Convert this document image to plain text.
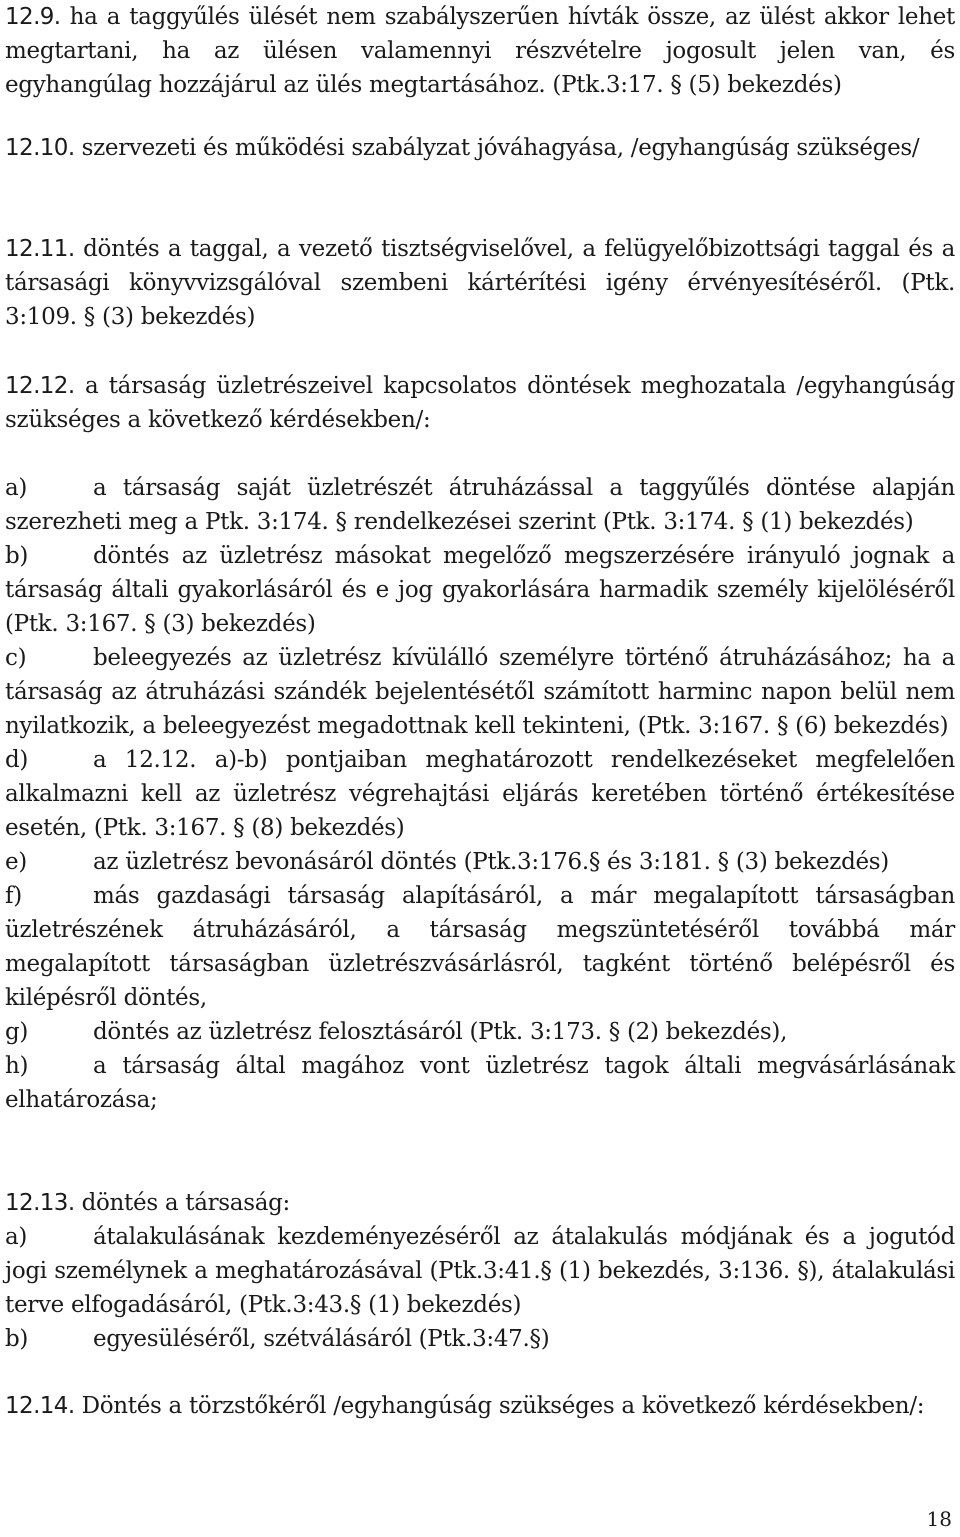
12.9. ha a taggyűlés ülését nem szabályszerűen hívták össze, az ülést akkor lehet megtartani, ha az ülésen valamennyi részvételre jogosult jelen van, és egyhangúlag hozzájárul az ülés megtartásához. (Ptk.3:17. § (5) bekezdés)

12.10. szervezeti és működési szabályzat jóváhagyása, /egyhangúság szükséges/

12.11. döntés a taggal, a vezető tisztségviselővel, a felügyelőbizottsági taggal és a társasági könyvvizsgálóval szembeni kártérítési igény érvényesítéséről. (Ptk. 3:109. § (3) bekezdés)

12.12. a társaság üzletrészeivel kapcsolatos döntések meghozatala /egyhangúság szükséges a következő kérdésekben/:

a)	a társaság saját üzletrészét átruházással a taggyűlés döntése alapján szerezheti meg a Ptk. 3:174. § rendelkezései szerint (Ptk. 3:174. § (1) bekezdés)
b)	döntés az üzletrész másokat megelőző megszerzésére irányuló jognak a társaság általi gyakorlásáról és e jog gyakorlására harmadik személy kijelöléséről (Ptk. 3:167. § (3) bekezdés)
c)	beleegyezés az üzletrész kívülálló személyre történő átruházásához; ha a társaság az átruházási szándék bejelentésétől számított harminc napon belül nem nyilatkozik, a beleegyezést megadottnak kell tekinteni, (Ptk. 3:167. § (6) bekezdés)
d)	a 12.12. a)-b) pontjaiban meghatározott rendelkezéseket megfelelően alkalmazni kell az üzletrész végrehajtási eljárás keretében történő értékesítése esetén, (Ptk. 3:167. § (8) bekezdés)
e)	az üzletrész bevonásáról döntés (Ptk.3:176.§ és 3:181. § (3) bekezdés)
f)	más gazdasági társaság alapításáról, a már megalapított társaságban üzletrészének átruházásáról, a társaság megszüntetéséről továbbá már megalapított társaságban üzletrészvásárlásról, tagként történő belépésről és kilépésről döntés,
g)	döntés az üzletrész felosztásáról (Ptk. 3:173. § (2) bekezdés),
h)	a társaság által magához vont üzletrész tagok általi megvásárlásának elhatározása;

12.13. döntés a társaság:

a)	átalakulásának kezdeményezéséről az átalakulás módjának és a jogutód jogi személynek a meghatározásával (Ptk.3:41.§ (1) bekezdés, 3:136. §), átalakulási terve elfogadásáról, (Ptk.3:43.§ (1) bekezdés)
b)	egyesüléséről, szétválásáról (Ptk.3:47.§)

12.14. Döntés a törzstőkéről /egyhangúság szükséges a következő kérdésekben/:

18
